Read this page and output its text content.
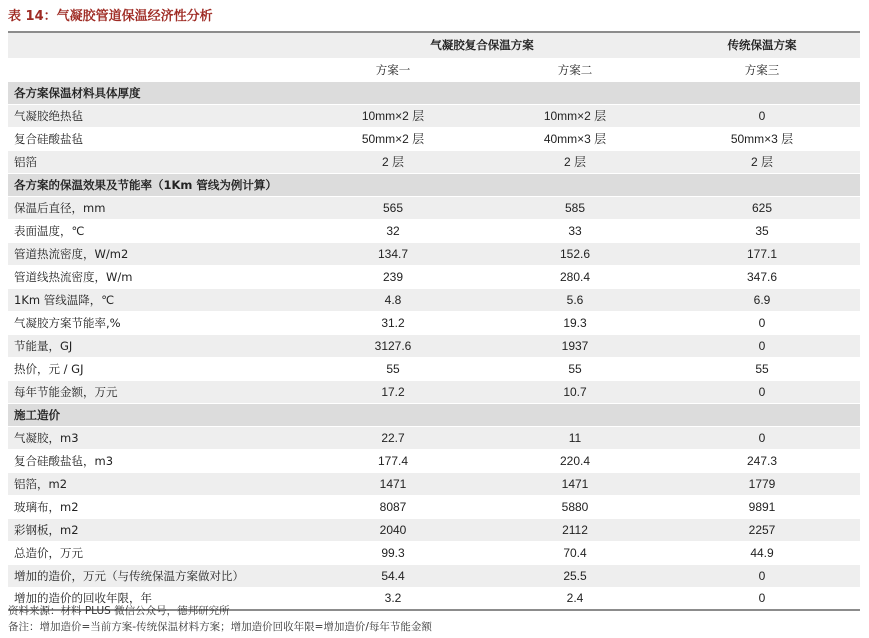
表 14：气凝胶管道保温经济性分析
	气凝胶复合保温方案		传统保温方案
	方案一	方案二	方案三
各方案保温材料具体厚度			
气凝胶绝热毡	10mm×2 层	10mm×2 层	0
复合硅酸盐毡	50mm×2 层	40mm×3 层	50mm×3 层
铝箔	2 层	2 层	2 层
各方案的保温效果及节能率（1Km 管线为例计算）			
保温后直径，mm	565	585	625
表面温度，℃	32	33	35
管道热流密度，W/m2	134.7	152.6	177.1
管道线热流密度，W/m	239	280.4	347.6
1Km 管线温降，℃	4.8	5.6	6.9
气凝胶方案节能率,%	31.2	19.3	0
节能量，GJ	3127.6	1937	0
热价，元 / GJ	55	55	55
每年节能金额，万元	17.2	10.7	0
施工造价			
气凝胶，m3	22.7	11	0
复合硅酸盐毡，m3	177.4	220.4	247.3
铝箔，m2	1471	1471	1779
玻璃布，m2	8087	5880	9891
彩钢板，m2	2040	2112	2257
总造价，万元	99.3	70.4	44.9
增加的造价，万元（与传统保温方案做对比）	54.4	25.5	0
增加的造价的回收年限，年	3.2	2.4	0
资料来源：材料 PLUS 微信公众号，德邦研究所
备注：增加造价=当前方案-传统保温材料方案；增加造价回收年限=增加造价/每年节能金额
